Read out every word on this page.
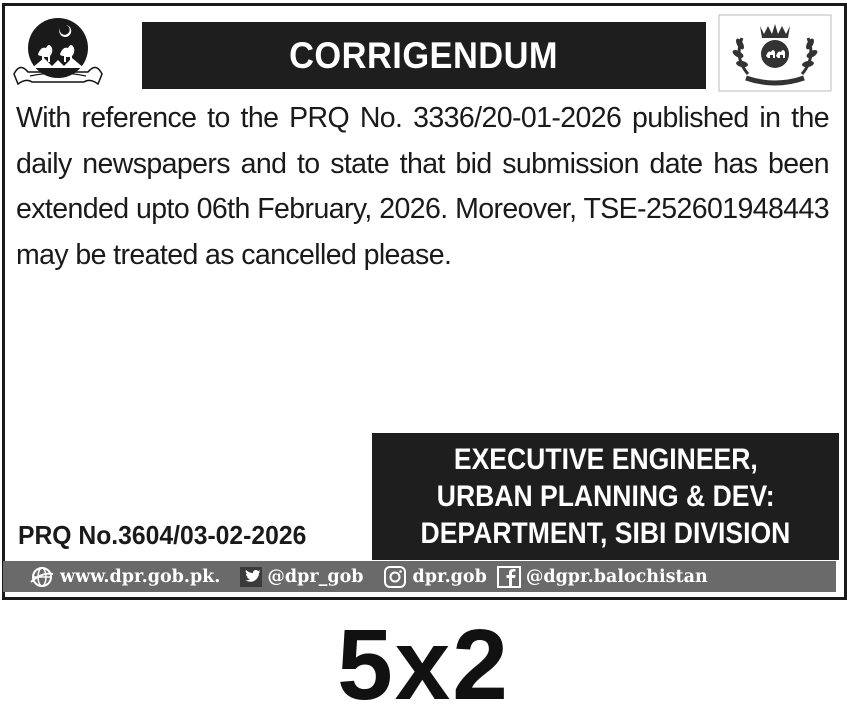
CORRIGENDUM
With reference to the PRQ No. 3336/20-01-2026 published in the
daily newspapers and to state that bid submission date has been
extended upto 06th February, 2026. Moreover, TSE-252601948443
may be treated as cancelled please.
PRQ No.3604/03-02-2026
EXECUTIVE ENGINEER,
URBAN PLANNING & DEV:
DEPARTMENT, SIBI DIVISION
www.dpr.gob.pk.	@dpr_gob	dpr.gob @dgpr.balochistan
5x2
